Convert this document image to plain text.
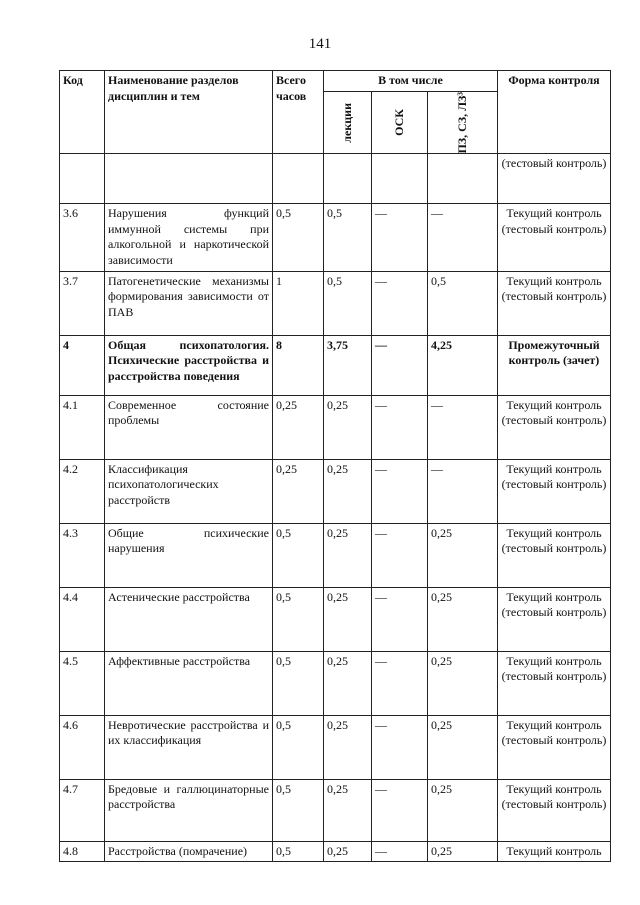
141
Код	Наименование разделов дисциплин и тем	Всего часов	В том числе			Форма контроля

			лекции	ОСК	ПЗ, СЗ, ЛЗ³	

						(тестовый контроль)
3.6	Нарушения функций иммунной системы при алкогольной и наркотической зависимости	0,5	0,5	—	—	Текущий контроль (тестовый контроль)
3.7	Патогенетические механизмы формирования зависимости от ПАВ	1	0,5	—	0,5	Текущий контроль (тестовый контроль)
4	Общая психопатология. Психические расстройства и расстройства поведения	8	3,75	—	4,25	Промежуточный контроль (зачет)
4.1	Современное состояние проблемы	0,25	0,25	—	—	Текущий контроль (тестовый контроль)
4.2	Классификация психопатологических расстройств	0,25	0,25	—	—	Текущий контроль (тестовый контроль)
4.3	Общие психические нарушения	0,5	0,25	—	0,25	Текущий контроль (тестовый контроль)
4.4	Астенические расстройства	0,5	0,25	—	0,25	Текущий контроль (тестовый контроль)
4.5	Аффективные расстройства	0,5	0,25	—	0,25	Текущий контроль (тестовый контроль)
4.6	Невротические расстройства и их классификация	0,5	0,25	—	0,25	Текущий контроль (тестовый контроль)
4.7	Бредовые и галлюцинаторные расстройства	0,5	0,25	—	0,25	Текущий контроль (тестовый контроль)
4.8	Расстройства (помрачение)	0,5	0,25	—	0,25	Текущий контроль
